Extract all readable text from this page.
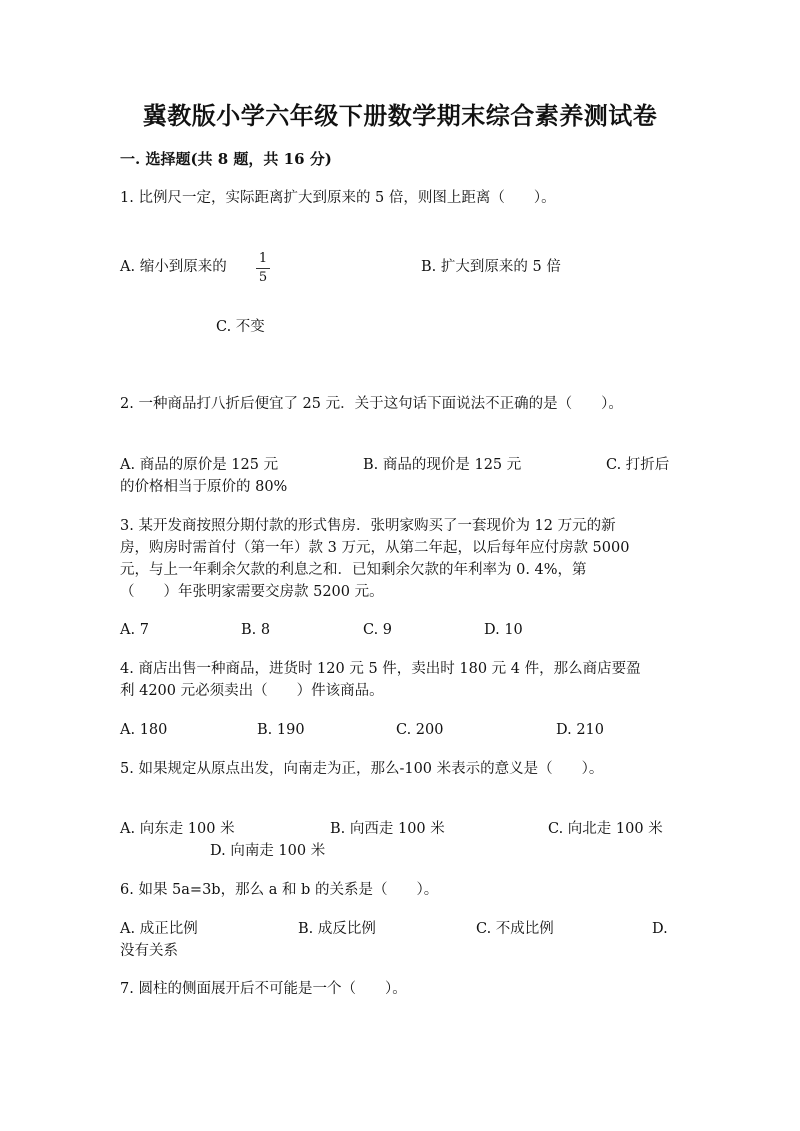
冀教版小学六年级下册数学期末综合素养测试卷
一. 选择题(共 8 题，共 16 分)
1. 比例尺一定，实际距离扩大到原来的 5 倍，则图上距离（　　）。
A. 缩小到原来的 $\frac{1}{5}$	B. 扩大到原来的 5 倍
C. 不变
2. 一种商品打八折后便宜了 25 元．关于这句话下面说法不正确的是（　　）。
A. 商品的原价是 125 元	B. 商品的现价是 125 元	C. 打折后
的价格相当于原价的 80%
3. 某开发商按照分期付款的形式售房．张明家购买了一套现价为 12 万元的新
房，购房时需首付（第一年）款 3 万元，从第二年起，以后每年应付房款 5000
元，与上一年剩余欠款的利息之和．已知剩余欠款的年利率为 0. 4%，第
（　　）年张明家需要交房款 5200 元。
A. 7	B. 8	C. 9	D. 10
4. 商店出售一种商品，进货时 120 元 5 件，卖出时 180 元 4 件，那么商店要盈
利 4200 元必须卖出（　　）件该商品。
A. 180	B. 190	C. 200	D. 210
5. 如果规定从原点出发，向南走为正，那么-100 米表示的意义是（　　）。
A. 向东走 100 米	B. 向西走 100 米	C. 向北走 100 米
D. 向南走 100 米
6. 如果 5a=3b，那么 a 和 b 的关系是（　　）。
A. 成正比例	B. 成反比例	C. 不成比例	D.
没有关系
7. 圆柱的侧面展开后不可能是一个（　　）。
